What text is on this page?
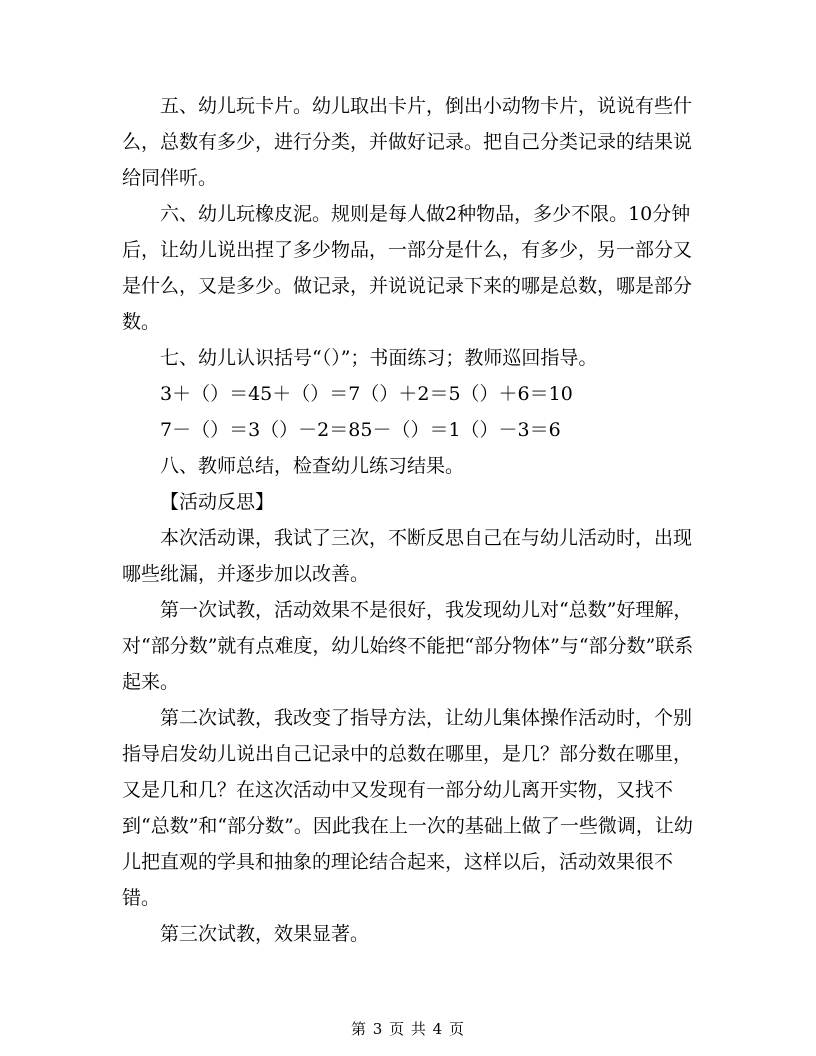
五、幼儿玩卡片。幼儿取出卡片，倒出小动物卡片，说说有些什么，总数有多少，进行分类，并做好记录。把自己分类记录的结果说给同伴听。

六、幼儿玩橡皮泥。规则是每人做2种物品，多少不限。10分钟后，让幼儿说出捏了多少物品，一部分是什么，有多少，另一部分又是什么，又是多少。做记录，并说说记录下来的哪是总数，哪是部分数。

七、幼儿认识括号“（）”；书面练习；教师巡回指导。

3＋（）＝45＋（）＝7（）＋2＝5（）＋6＝10

7－（）＝3（）－2＝85－（）＝1（）－3＝6

八、教师总结，检查幼儿练习结果。

【活动反思】

本次活动课，我试了三次，不断反思自己在与幼儿活动时，出现哪些纰漏，并逐步加以改善。

第一次试教，活动效果不是很好，我发现幼儿对“总数”好理解，对“部分数”就有点难度，幼儿始终不能把“部分物体”与“部分数”联系起来。

第二次试教，我改变了指导方法，让幼儿集体操作活动时，个别指导启发幼儿说出自己记录中的总数在哪里，是几？部分数在哪里，又是几和几？在这次活动中又发现有一部分幼儿离开实物，又找不到“总数”和“部分数”。因此我在上一次的基础上做了一些微调，让幼儿把直观的学具和抽象的理论结合起来，这样以后，活动效果很不错。

第三次试教，效果显著。

第 3 页 共 4 页
